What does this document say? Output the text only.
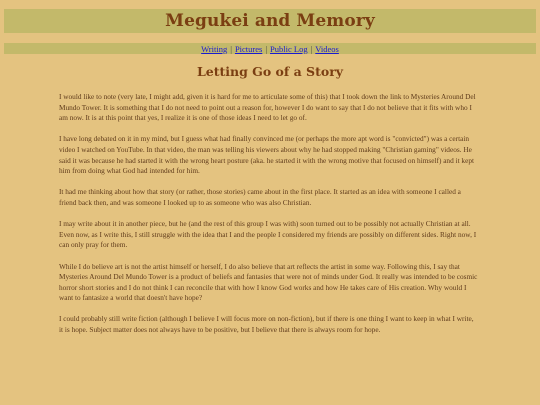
Megukei and Memory
Writing | Pictures | Public Log | Videos
Letting Go of a Story

I would like to note (very late, I might add, given it is hard for me to articulate some of this) that I took down the link to Mysteries Around Del Mundo Tower. It is something that I do not need to point out a reason for, however I do want to say that I do not believe that it fits with who I am now. It is at this point that yes, I realize it is one of those ideas I need to let go of.

I have long debated on it in my mind, but I guess what had finally convinced me (or perhaps the more apt word is "convicted") was a certain video I watched on YouTube. In that video, the man was telling his viewers about why he had stopped making "Christian gaming" videos. He said it was because he had started it with the wrong heart posture (aka. he started it with the wrong motive that focused on himself) and it kept him from doing what God had intended for him.

It had me thinking about how that story (or rather, those stories) came about in the first place. It started as an idea with someone I called a friend back then, and was someone I looked up to as someone who was also Christian.

I may write about it in another piece, but he (and the rest of this group I was with) soon turned out to be possibly not actually Christian at all. Even now, as I write this, I still struggle with the idea that I and the people I considered my friends are possibly on different sides. Right now, I can only pray for them.

While I do believe art is not the artist himself or herself, I do also believe that art reflects the artist in some way. Following this, I say that Mysteries Around Del Mundo Tower is a product of beliefs and fantasies that were not of minds under God. It really was intended to be cosmic horror short stories and I do not think I can reconcile that with how I know God works and how He takes care of His creation. Why would I want to fantasize a world that doesn't have hope?

I could probably still write fiction (although I believe I will focus more on non-fiction), but if there is one thing I want to keep in what I write, it is hope. Subject matter does not always have to be positive, but I believe that there is always room for hope.
